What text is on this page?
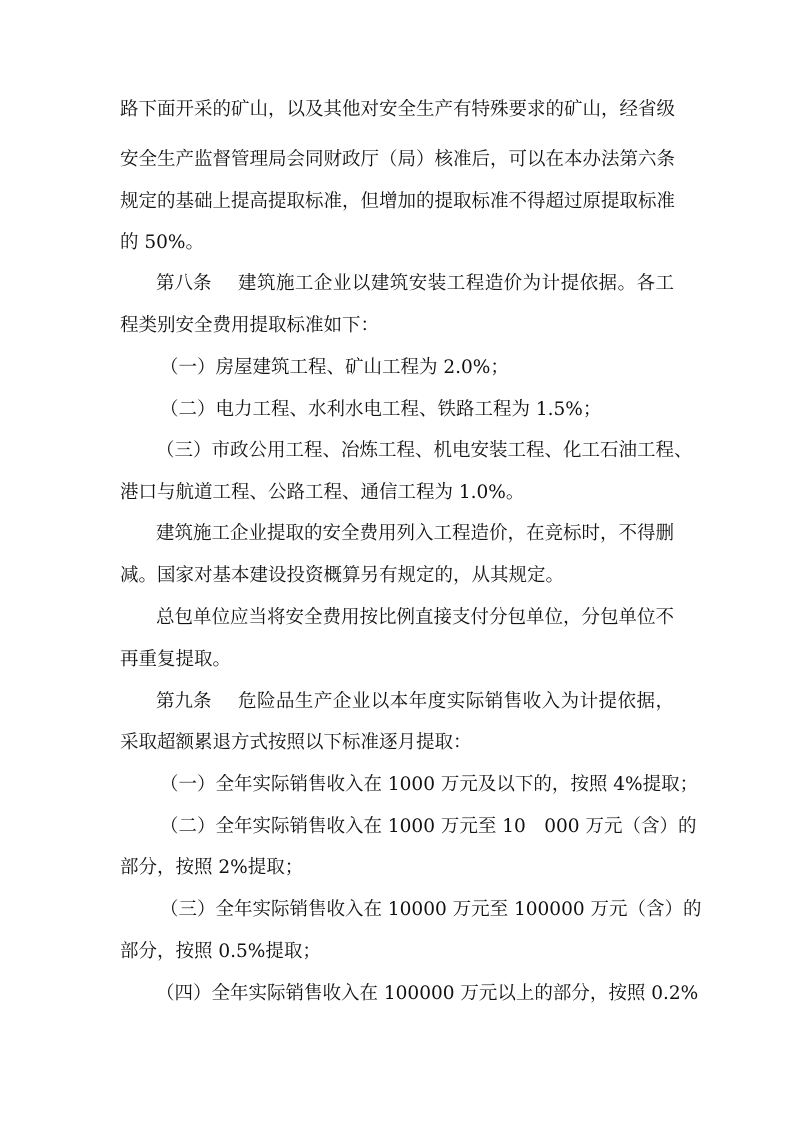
路下面开采的矿山，以及其他对安全生产有特殊要求的矿山，经省级
安全生产监督管理局会同财政厅（局）核准后，可以在本办法第六条
规定的基础上提高提取标准，但增加的提取标准不得超过原提取标准
的 50%。
第八条 建筑施工企业以建筑安装工程造价为计提依据。各工
程类别安全费用提取标准如下：
（一）房屋建筑工程、矿山工程为 2.0%；
（二）电力工程、水利水电工程、铁路工程为 1.5%；
（三）市政公用工程、冶炼工程、机电安装工程、化工石油工程、
港口与航道工程、公路工程、通信工程为 1.0%。
建筑施工企业提取的安全费用列入工程造价，在竞标时，不得删
减。国家对基本建设投资概算另有规定的，从其规定。
总包单位应当将安全费用按比例直接支付分包单位，分包单位不
再重复提取。
第九条 危险品生产企业以本年度实际销售收入为计提依据，
采取超额累退方式按照以下标准逐月提取：
（一）全年实际销售收入在 1000 万元及以下的，按照 4%提取；
（二）全年实际销售收入在 1000 万元至 10　000 万元（含）的
部分，按照 2%提取；
（三）全年实际销售收入在 10000 万元至 100000 万元（含）的
部分，按照 0.5%提取；
（四）全年实际销售收入在 100000 万元以上的部分，按照 0.2%
